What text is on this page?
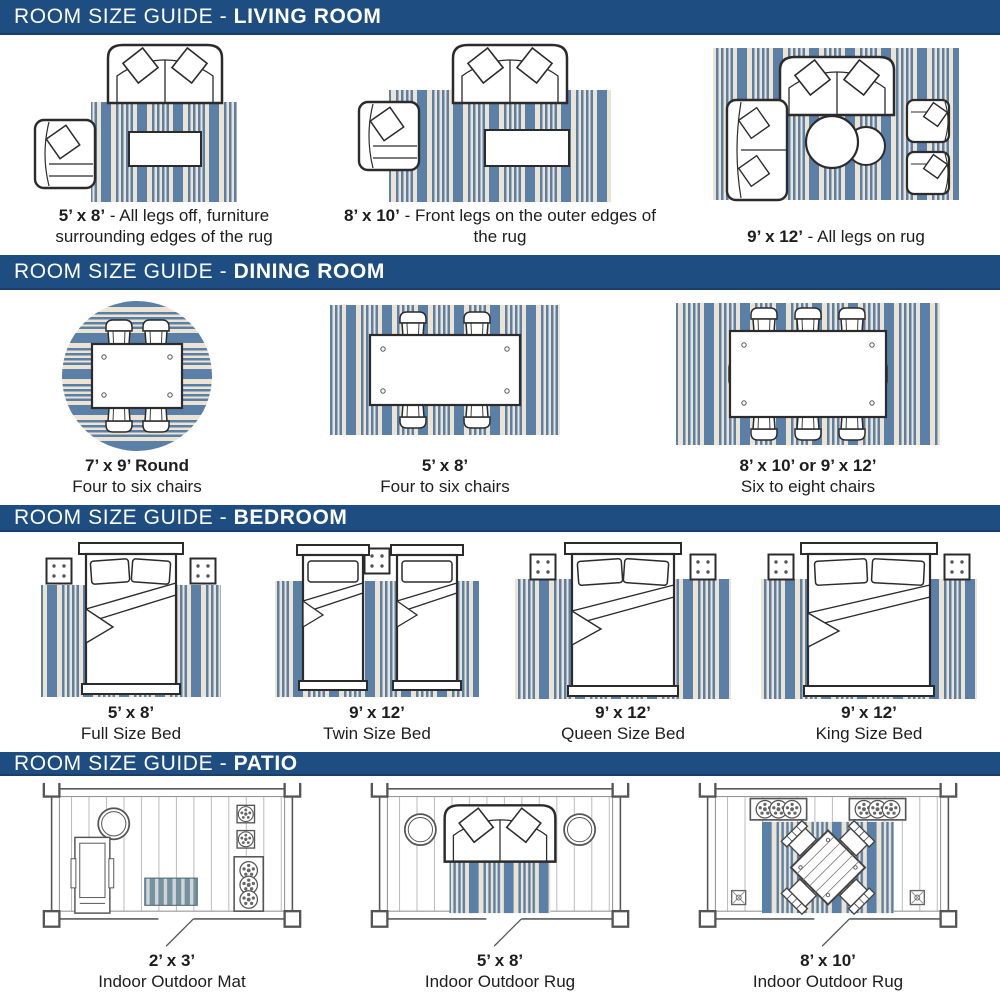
ROOM SIZE GUIDE - LIVING ROOM
5’ x 8’ - All legs off, furniture surrounding edges of the rug
8’ x 10’ - Front legs on the outer edges of the rug	9’ x 12’ - All legs on rug
ROOM SIZE GUIDE - DINING ROOM
7’ x 9’ Round
Four to six chairs
5’ x 8’
Four to six chairs
8’ x 10’ or 9’ x 12’
Six to eight chairs
ROOM SIZE GUIDE - BEDROOM
5’ x 8’
Full Size Bed
9’ x 12’
Twin Size Bed
9’ x 12’
Queen Size Bed
9’ x 12’
King Size Bed
ROOM SIZE GUIDE - PATIO
2’ x 3’
Indoor Outdoor Mat
5’ x 8’
Indoor Outdoor Rug
8’ x 10’
Indoor Outdoor Rug
